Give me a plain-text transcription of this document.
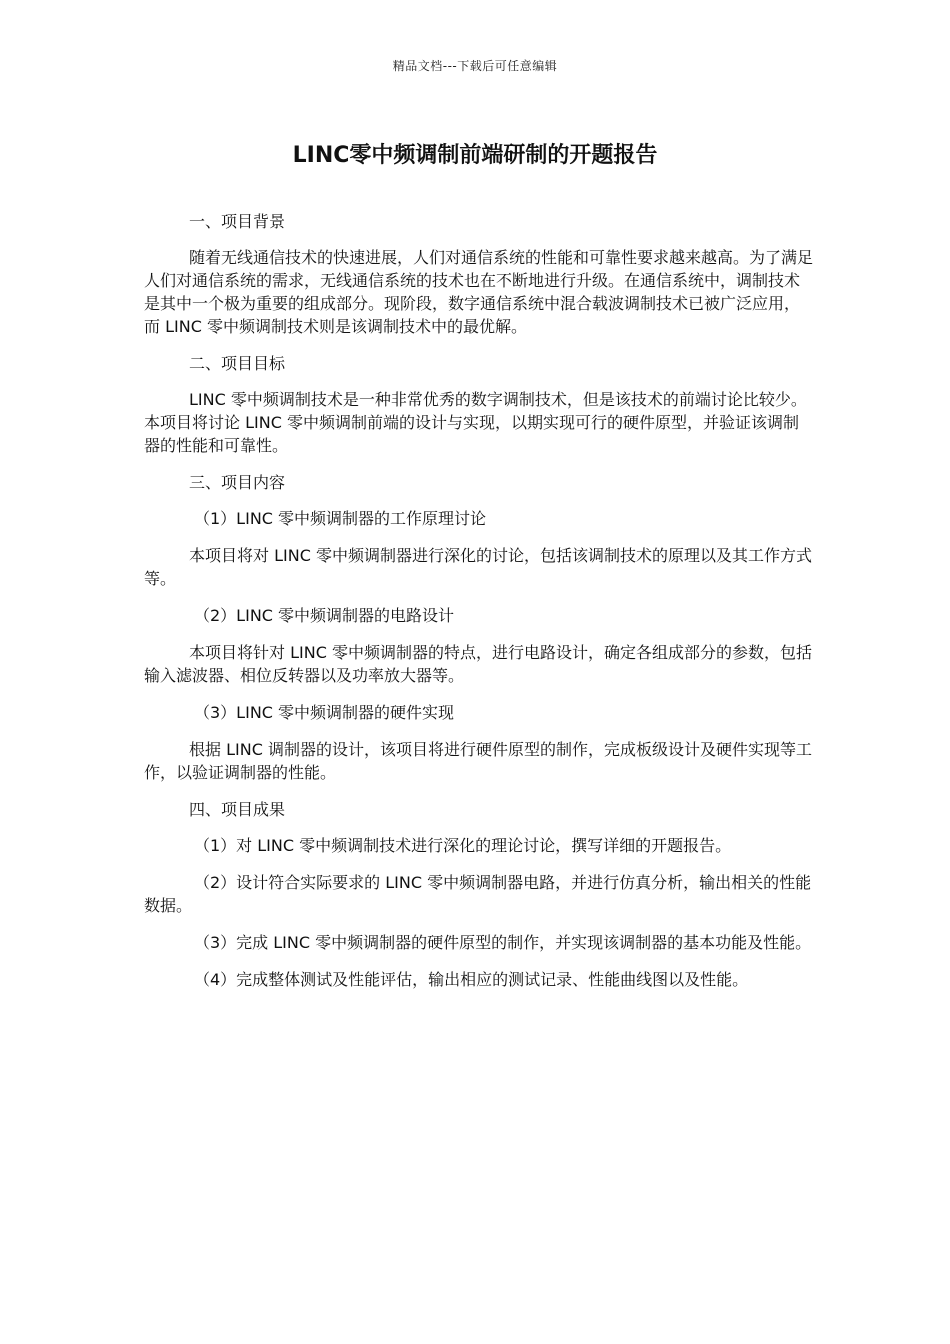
精品文档---下载后可任意编辑
LINC零中频调制前端研制的开题报告

一、项目背景

随着无线通信技术的快速进展，人们对通信系统的性能和可靠性要求越来越高。为了满足人们对通信系统的需求，无线通信系统的技术也在不断地进行升级。在通信系统中，调制技术是其中一个极为重要的组成部分。现阶段，数字通信系统中混合载波调制技术已被广泛应用，而 LINC 零中频调制技术则是该调制技术中的最优解。

二、项目目标

LINC 零中频调制技术是一种非常优秀的数字调制技术，但是该技术的前端讨论比较少。本项目将讨论 LINC 零中频调制前端的设计与实现，以期实现可行的硬件原型，并验证该调制器的性能和可靠性。

三、项目内容

（1）LINC 零中频调制器的工作原理讨论

本项目将对 LINC 零中频调制器进行深化的讨论，包括该调制技术的原理以及其工作方式等。

（2）LINC 零中频调制器的电路设计

本项目将针对 LINC 零中频调制器的特点，进行电路设计，确定各组成部分的参数，包括输入滤波器、相位反转器以及功率放大器等。

（3）LINC 零中频调制器的硬件实现

根据 LINC 调制器的设计，该项目将进行硬件原型的制作，完成板级设计及硬件实现等工作，以验证调制器的性能。

四、项目成果

（1）对 LINC 零中频调制技术进行深化的理论讨论，撰写详细的开题报告。

（2）设计符合实际要求的 LINC 零中频调制器电路，并进行仿真分析，输出相关的性能数据。

（3）完成 LINC 零中频调制器的硬件原型的制作，并实现该调制器的基本功能及性能。

（4）完成整体测试及性能评估，输出相应的测试记录、性能曲线图以及性能。
